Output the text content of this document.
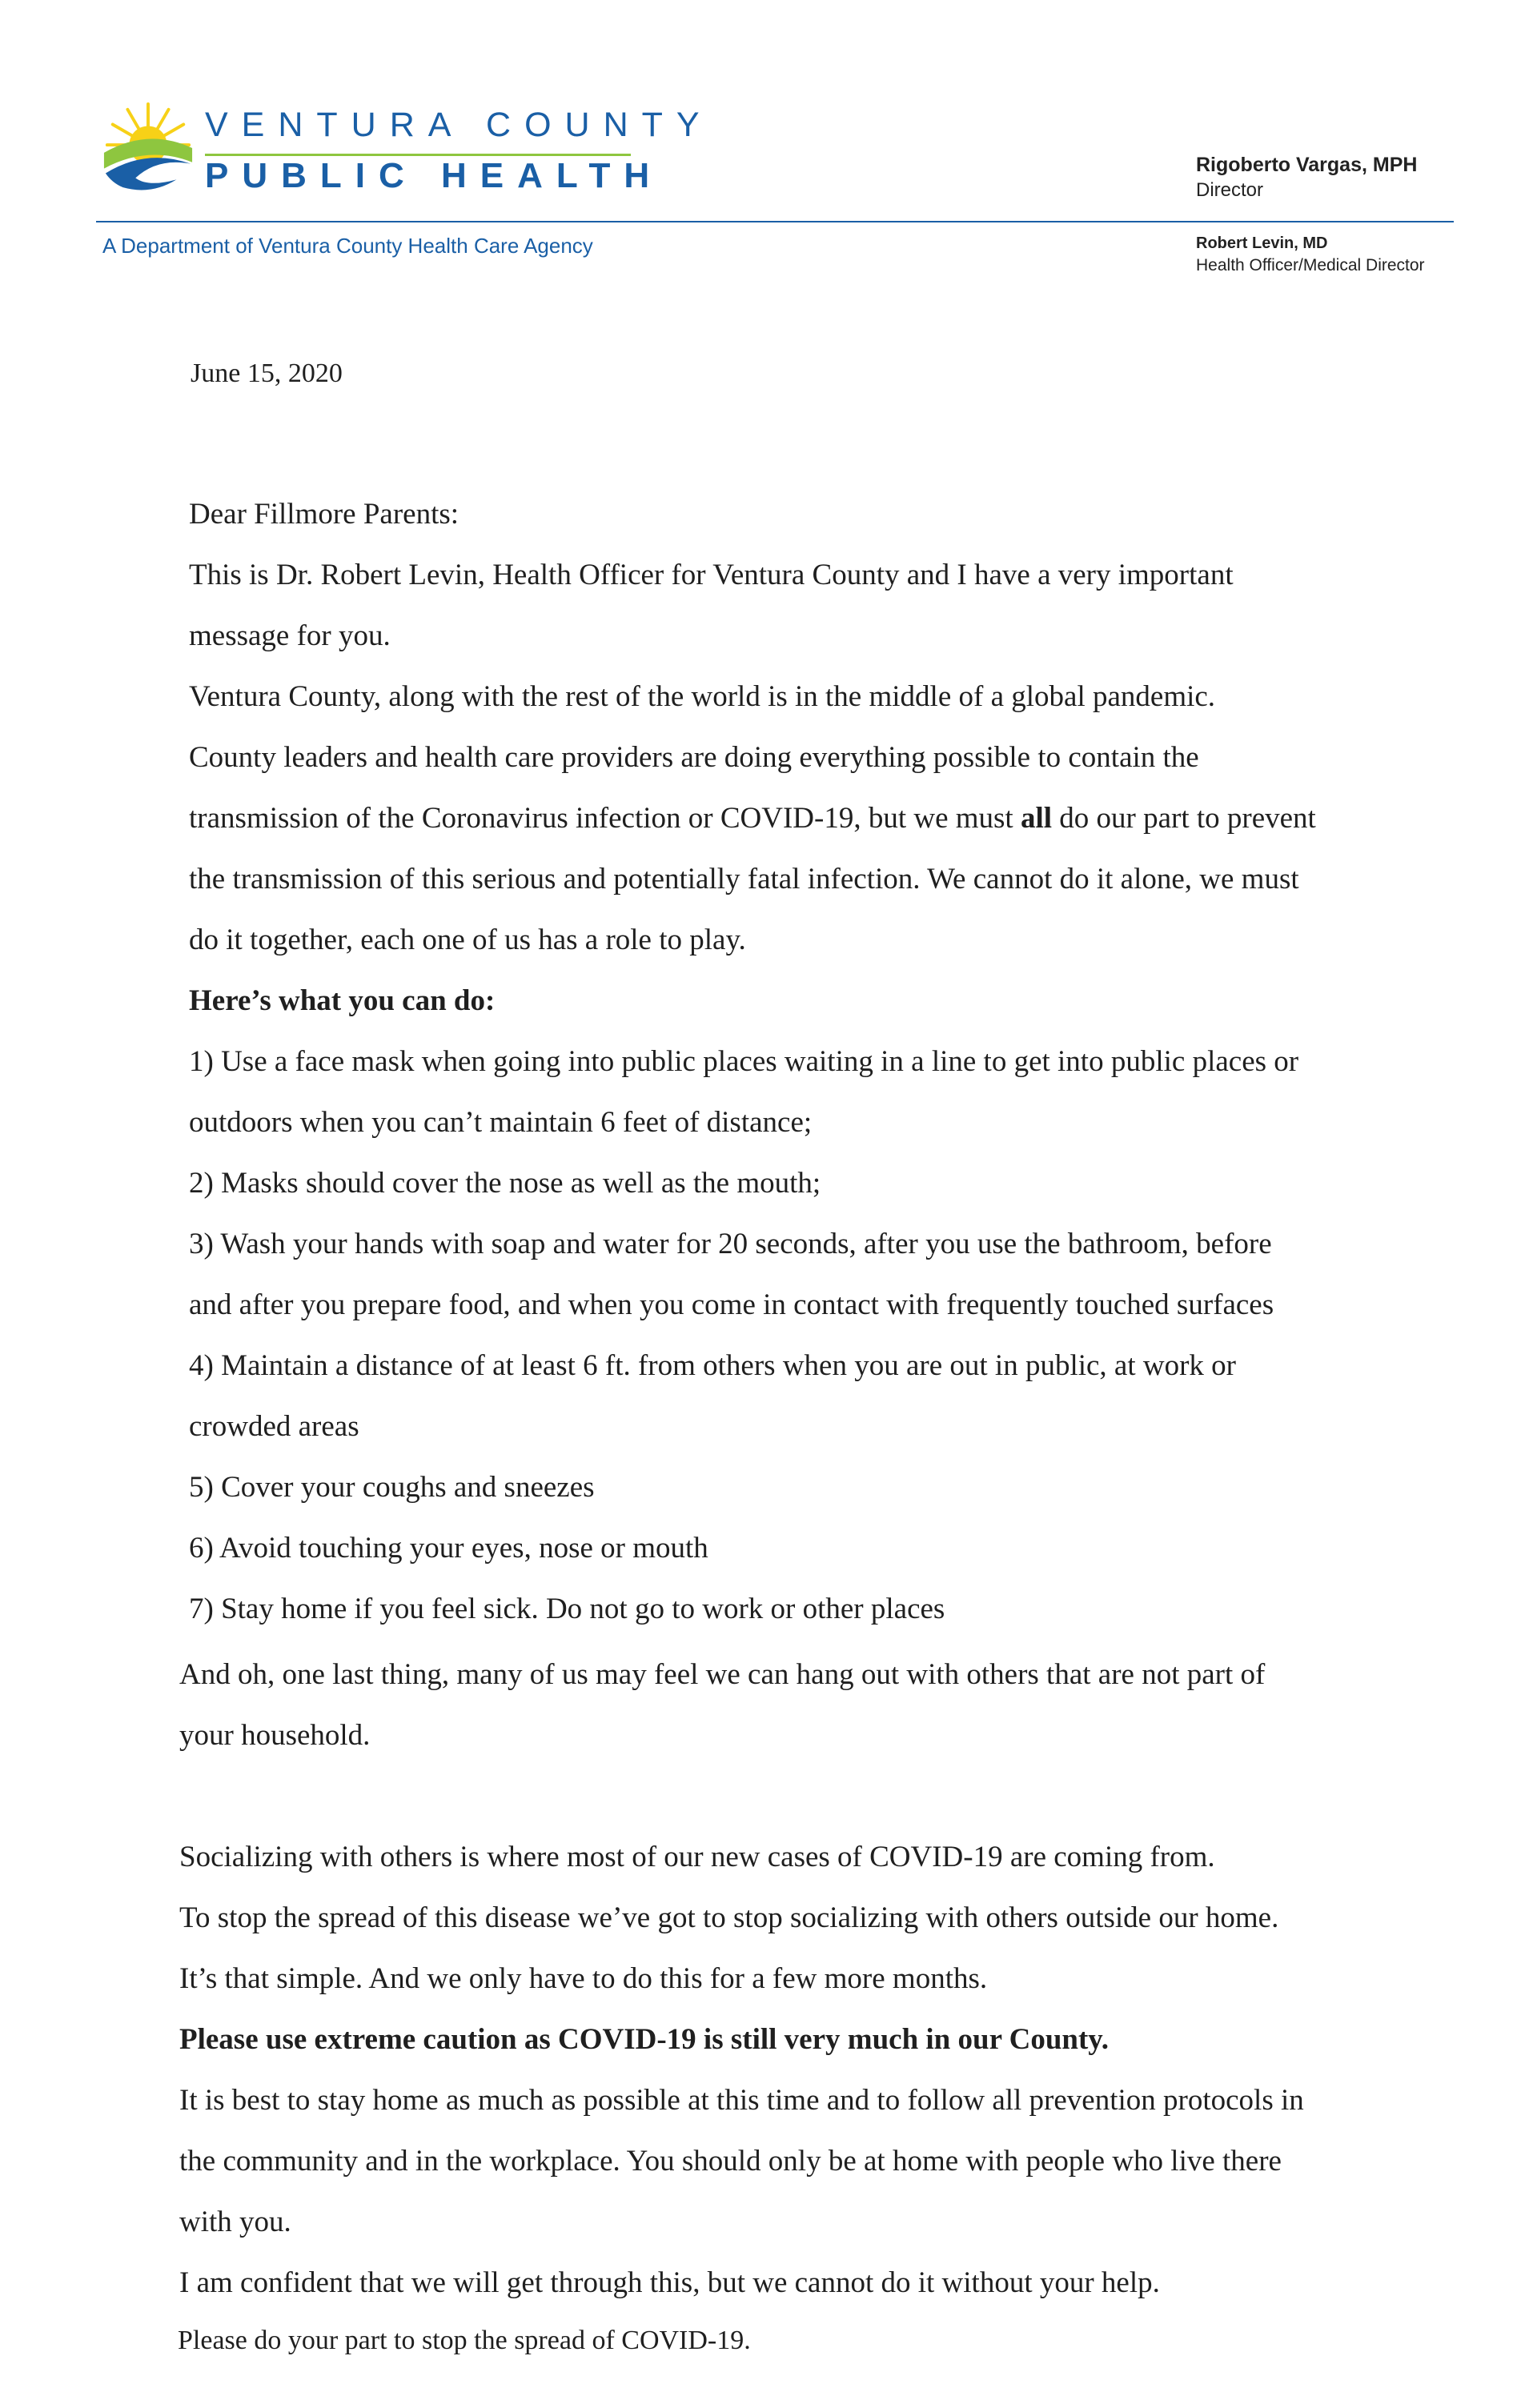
VENTURA COUNTY
PUBLIC HEALTH
A Department of Ventura County Health Care Agency
Rigoberto Vargas, MPH
Director
Robert Levin, MD
Health Officer/Medical Director
June 15, 2020

Dear Fillmore Parents:

This is Dr. Robert Levin, Health Officer for Ventura County and I have a very important

message for you.

Ventura County, along with the rest of the world is in the middle of a global pandemic.

County leaders and health care providers are doing everything possible to contain the

transmission of the Coronavirus infection or COVID-19, but we must all do our part to prevent

the transmission of this serious and potentially fatal infection. We cannot do it alone, we must

do it together, each one of us has a role to play.

Here’s what you can do:

1) Use a face mask when going into public places waiting in a line to get into public places or

outdoors when you can’t maintain 6 feet of distance;

2) Masks should cover the nose as well as the mouth;

3) Wash your hands with soap and water for 20 seconds, after you use the bathroom, before

and after you prepare food, and when you come in contact with frequently touched surfaces

4) Maintain a distance of at least 6 ft. from others when you are out in public, at work or

crowded areas

5) Cover your coughs and sneezes

6) Avoid touching your eyes, nose or mouth

7) Stay home if you feel sick. Do not go to work or other places

And oh, one last thing, many of us may feel we can hang out with others that are not part of

your household.

Socializing with others is where most of our new cases of COVID-19 are coming from.

To stop the spread of this disease we’ve got to stop socializing with others outside our home.

It’s that simple. And we only have to do this for a few more months.

Please use extreme caution as COVID-19 is still very much in our County.

It is best to stay home as much as possible at this time and to follow all prevention protocols in

the community and in the workplace. You should only be at home with people who live there

with you.

I am confident that we will get through this, but we cannot do it without your help.

Please do your part to stop the spread of COVID-19.
